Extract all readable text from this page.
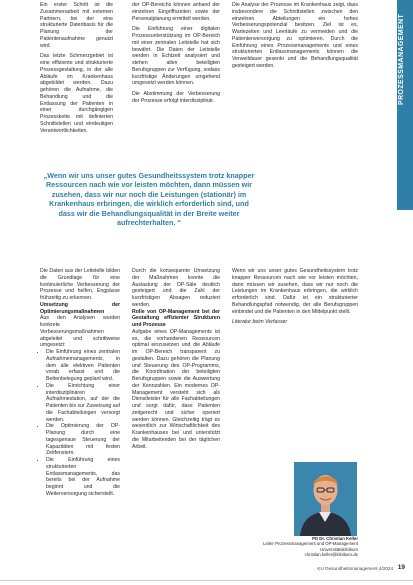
PROZESSMANAGEMENT

Ein erster Schritt ist die Zusammenarbeit mit externen Partnern, bei der eine strukturierte Datenbasis für die Planung der Patientenaufnahme genutzt wird.

Das letzte Schmerzgebiet ist eine effiziente und strukturierte Prozessgestaltung, in der alle Abläufe im Krankenhaus abgebildet werden. Dazu gehören die Aufnahme, die Behandlung und die Entlassung der Patienten in einer durchgängigen Prozesskette mit definierten Schnittstellen und eindeutigen Verantwortlichkeiten.

der OP-Bereichs können anhand der einzelnen Eingriffszeiten sowie der Personalplanung ermittelt werden.

Die Einführung einer digitalen Prozessunterstützung im OP-Bereich mit einer zentralen Leitstelle hat sich bewährt. Die Daten der Leitstelle werden in Echtzeit analysiert und stehen allen beteiligten Berufsgruppen zur Verfügung, sodass kurzfristige Änderungen umgehend umgesetzt werden können.

Die Abstimmung der Verbesserung der Prozesse erfolgt interdisziplinär.

Die Analyse der Prozesse im Krankenhaus zeigt, dass insbesondere die Schnittstellen zwischen den einzelnen Abteilungen ein hohes Verbesserungspotenzial besitzen. Ziel ist es, Wartezeiten und Leerläufe zu vermeiden und die Patientenversorgung zu optimieren. Durch die Einführung eines Prozessmanagements und eines strukturierten Entlassmanagements können die Verweildauer gesenkt und die Behandlungsqualität gesteigert werden.

„Wenn wir uns unser gutes Gesundheitssystem trotz knapper Ressourcen nach wie vor leisten möchten, dann müssen wir zusehen, dass wir nur noch die Leistungen (stationär) im Krankenhaus erbringen, die wirklich erforderlich sind, und dass wir die Behandlungsqualität in der Breite weiter aufrechterhalten. “

Wenn wir uns unser gutes Gesundheitssystem trotz knapper Ressourcen nach wie vor leisten möchten, dann müssen wir zusehen, dass wir nur noch die Leistungen im Krankenhaus erbringen, die wirklich erforderlich sind. Dafür ist ein strukturierter Behandlungspfad notwendig, der alle Berufsgruppen einbindet und die Patienten in den Mittelpunkt stellt.

Literatur beim Verfasser

Die Daten aus der Leitstelle bilden die Grundlage für eine kontinuierliche Verbesserung der Prozesse und helfen, Engpässe frühzeitig zu erkennen.

Umsetzung der Optimierungsmaßnahmen

Aus den Analysen wurden konkrete Verbesserungsmaßnahmen abgeleitet und schrittweise umgesetzt:

• Die Einführung eines zentralen Aufnahmemanagements, in dem alle elektiven Patienten vorab erfasst und die Bettenbelegung geplant wird.
• Die Einrichtung einer interdisziplinären Aufnahmestation, auf der die Patienten bis zur Zuweisung auf die Fachabteilungen versorgt werden.
• Die Optimierung der OP-Planung durch eine tagesgenaue Steuerung der Kapazitäten mit festen Zeitfenstern.
• Die Einführung eines strukturierten Entlassmanagements, das bereits bei der Aufnahme beginnt und die Weiterversorgung sicherstellt.

Durch die konsequente Umsetzung der Maßnahmen konnte die Auslastung der OP-Säle deutlich gesteigert und die Zahl der kurzfristigen Absagen reduziert werden.

Rolle von OP-Management bei der Gestaltung effizienter Strukturen und Prozesse

Aufgabe eines OP-Managements ist es, die vorhandenen Ressourcen optimal einzusetzen und die Abläufe im OP-Bereich transparent zu gestalten. Dazu gehören die Planung und Steuerung des OP-Programms, die Koordination der beteiligten Berufsgruppen sowie die Auswertung der Kennzahlen. Ein modernes OP-Management versteht sich als Dienstleister für alle Fachabteilungen und sorgt dafür, dass Patienten zeitgerecht und sicher operiert werden können. Gleichzeitig trägt es wesentlich zur Wirtschaftlichkeit des Krankenhauses bei und unterstützt die Mitarbeitenden bei der täglichen Arbeit.

PD Dr. Christian Keller
Leiter Prozessmanagement und OP-Management
Universitätsklinikum
christian.keller@klinikum.de
KU Gesundheitsmanagement 4/2024 19
